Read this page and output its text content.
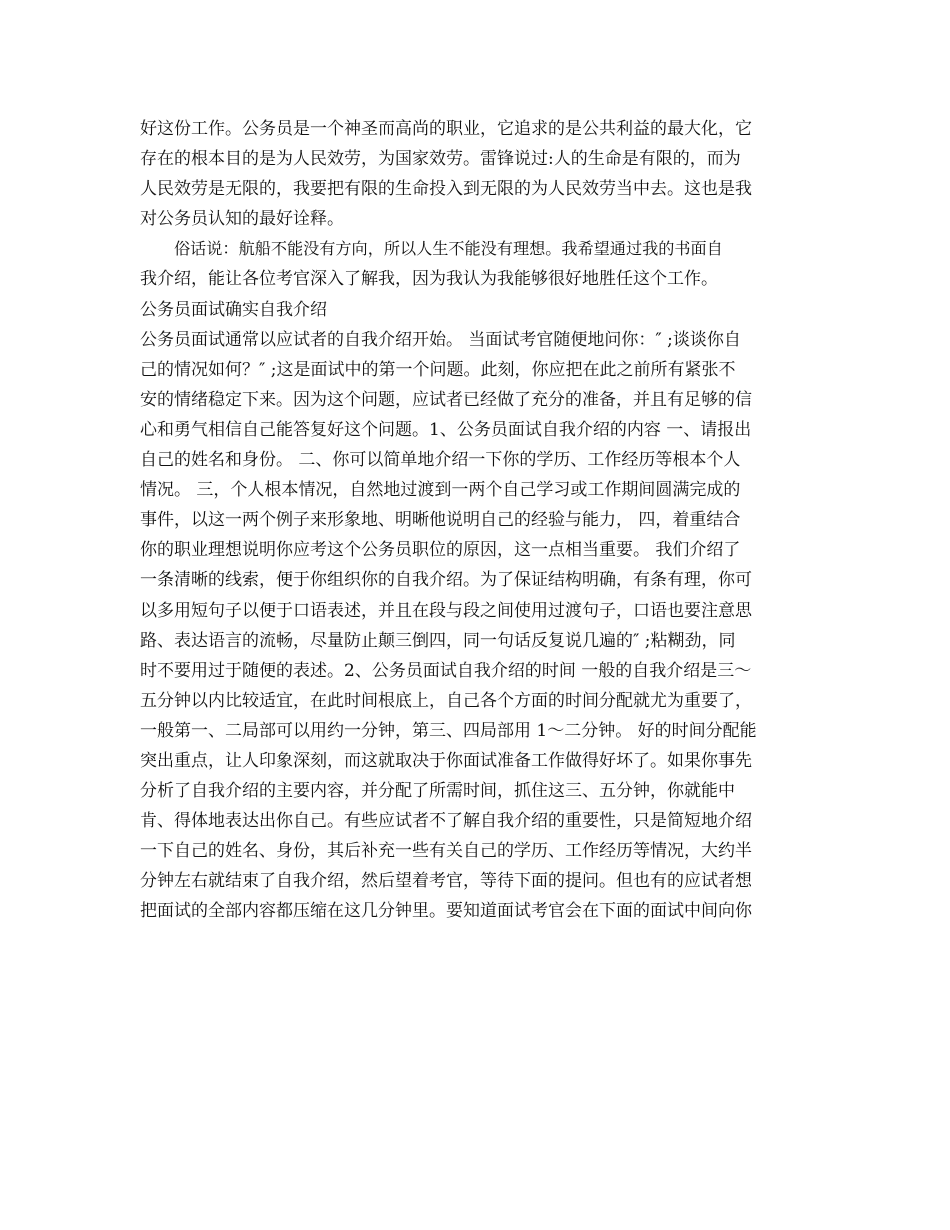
好这份工作。公务员是一个神圣而高尚的职业，它追求的是公共利益的最大化，它
存在的根本目的是为人民效劳，为国家效劳。雷锋说过:人的生命是有限的，而为
人民效劳是无限的，我要把有限的生命投入到无限的为人民效劳当中去。这也是我
对公务员认知的最好诠释。
俗话说：航船不能没有方向，所以人生不能没有理想。我希望通过我的书面自
我介绍，能让各位考官深入了解我，因为我认为我能够很好地胜任这个工作。
公务员面试确实自我介绍
公务员面试通常以应试者的自我介绍开始。 当面试考官随便地问你：″ ;谈谈你自
己的情况如何？″ ;这是面试中的第一个问题。此刻，你应把在此之前所有紧张不
安的情绪稳定下来。因为这个问题，应试者已经做了充分的准备，并且有足够的信
心和勇气相信自己能答复好这个问题。1、公务员面试自我介绍的内容 一、请报出
自己的姓名和身份。 二、你可以简单地介绍一下你的学历、工作经历等根本个人
情况。 三，个人根本情况，自然地过渡到一两个自己学习或工作期间圆满完成的
事件，以这一两个例子来形象地、明晰他说明自己的经验与能力， 四，着重结合
你的职业理想说明你应考这个公务员职位的原因，这一点相当重要。 我们介绍了
一条清晰的线索，便于你组织你的自我介绍。为了保证结构明确，有条有理，你可
以多用短句子以便于口语表述，并且在段与段之间使用过渡句子，口语也要注意思
路、表达语言的流畅，尽量防止颠三倒四，同一句话反复说几遍的″ ;粘糊劲，同
时不要用过于随便的表述。2、公务员面试自我介绍的时间 一般的自我介绍是三～
五分钟以内比较适宜，在此时间根底上，自己各个方面的时间分配就尤为重要了，
一般第一、二局部可以用约一分钟，第三、四局部用 1～二分钟。 好的时间分配能
突出重点，让人印象深刻，而这就取决于你面试准备工作做得好坏了。如果你事先
分析了自我介绍的主要内容，并分配了所需时间，抓住这三、五分钟，你就能中
肯、得体地表达出你自己。有些应试者不了解自我介绍的重要性，只是简短地介绍
一下自己的姓名、身份，其后补充一些有关自己的学历、工作经历等情况，大约半
分钟左右就结束了自我介绍，然后望着考官，等待下面的提问。但也有的应试者想
把面试的全部内容都压缩在这几分钟里。要知道面试考官会在下面的面试中间向你
